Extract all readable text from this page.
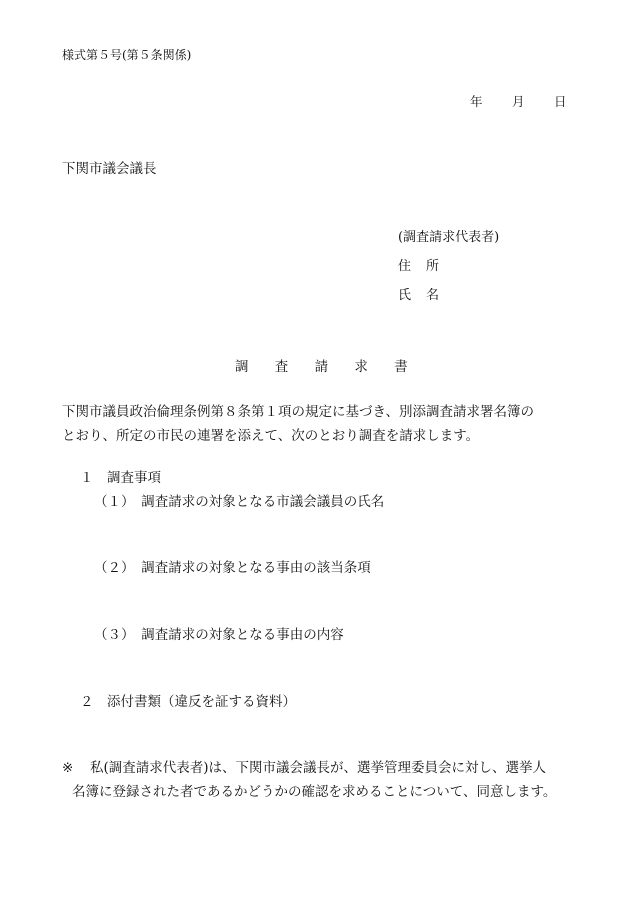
様式第５号(第５条関係)
年 月 日
下関市議会議長
(調査請求代表者)
住　所
氏　名
調 査 請 求 書
下関市議員政治倫理条例第８条第１項の規定に基づき、別添調査請求署名簿の
とおり、所定の市民の連署を添えて、次のとおり調査を請求します。
１　調査事項
（１）　調査請求の対象となる市議会議員の氏名
（２）　調査請求の対象となる事由の該当条項
（３）　調査請求の対象となる事由の内容
２　添付書類（違反を証する資料）
※ 私(調査請求代表者)は、下関市議会議長が、選挙管理委員会に対し、選挙人
名簿に登録された者であるかどうかの確認を求めることについて、同意します。
